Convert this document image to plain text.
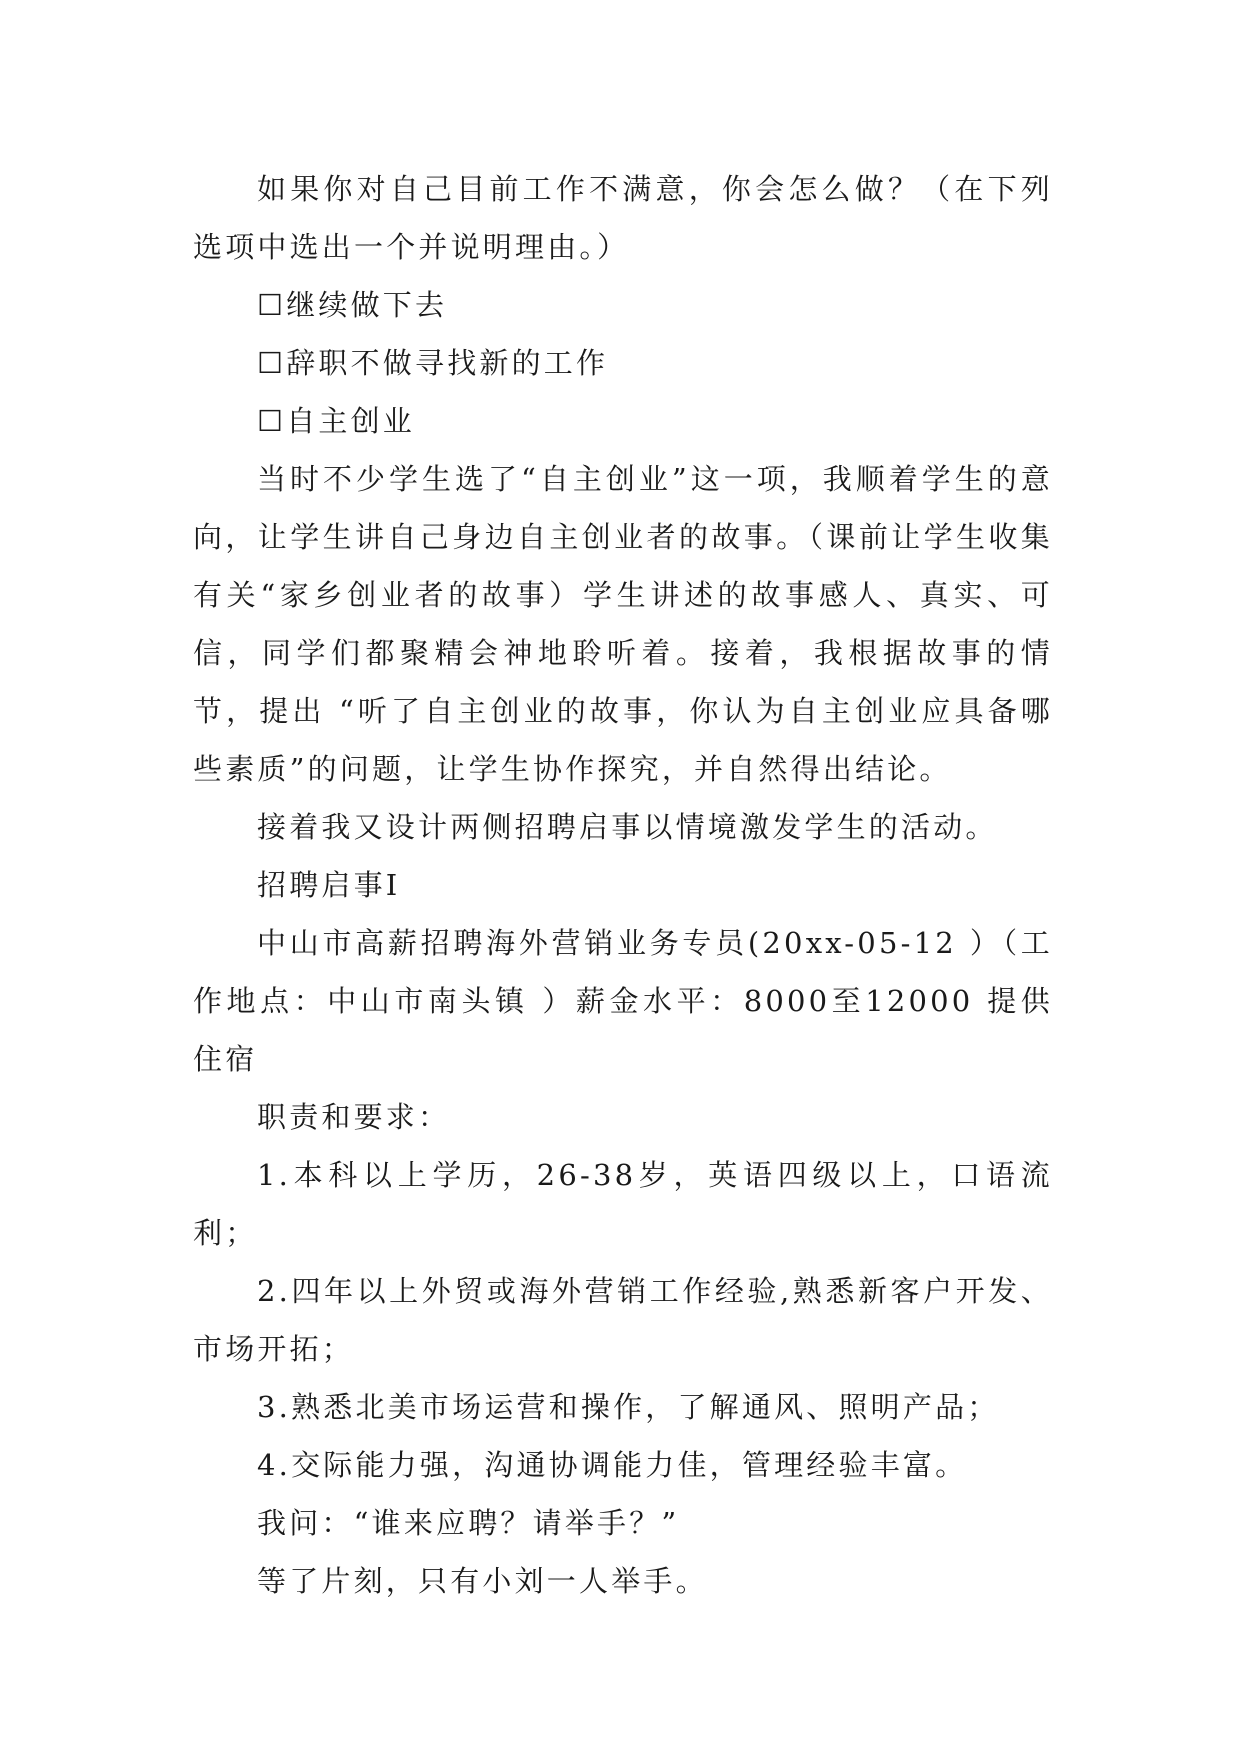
如果你对自己目前工作不满意，你会怎么做？（在下列选项中选出一个并说明理由。）

☐继续做下去

☐辞职不做寻找新的工作

☐自主创业

当时不少学生选了“自主创业”这一项，我顺着学生的意向，让学生讲自己身边自主创业者的故事。（课前让学生收集有关“家乡创业者的故事）学生讲述的故事感人、真实、可信，同学们都聚精会神地聆听着。接着，我根据故事的情节，提出 “听了自主创业的故事，你认为自主创业应具备哪些素质”的问题，让学生协作探究，并自然得出结论。

接着我又设计两侧招聘启事以情境激发学生的活动。

招聘启事Ⅰ

中山市高薪招聘海外营销业务专员(20xx-05-12 ）（工作地点：中山市南头镇 ）薪金水平：8000至12000 提供住宿

职责和要求：

1.本科以上学历，26-38岁，英语四级以上，口语流利；

2.四年以上外贸或海外营销工作经验,熟悉新客户开发、市场开拓；

3.熟悉北美市场运营和操作，了解通风、照明产品；

4.交际能力强，沟通协调能力佳，管理经验丰富。

我问：“谁来应聘？请举手？”

等了片刻，只有小刘一人举手。
